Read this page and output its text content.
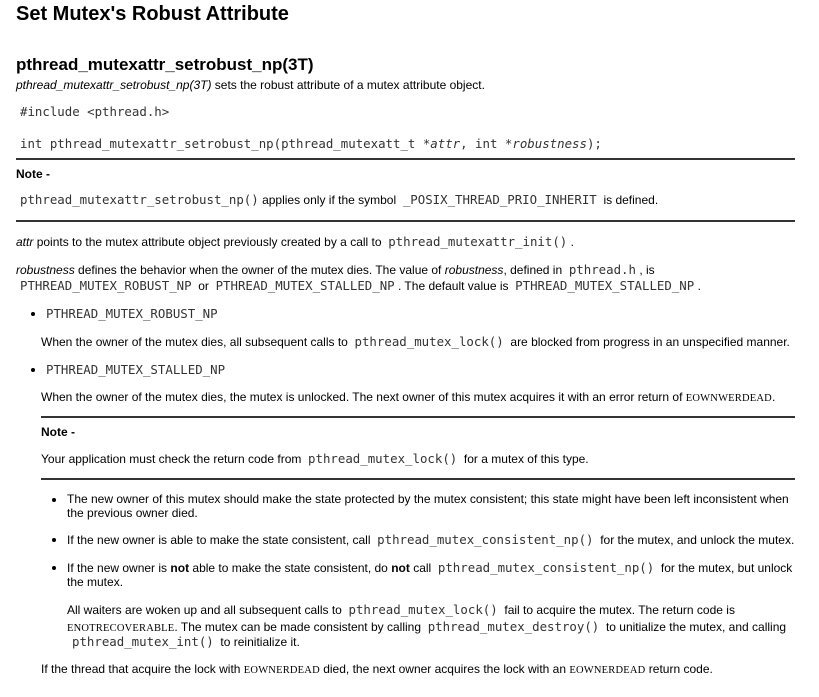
Set Mutex's Robust Attribute
pthread_mutexattr_setrobust_np(3T)
pthread_mutexattr_setrobust_np(3T) sets the robust attribute of a mutex attribute object.
#include <pthread.h>
int pthread_mutexattr_setrobust_np(pthread_mutexatt_t *attr, int *robustness);
Note -
pthread_mutexattr_setrobust_np() applies only if the symbol _POSIX_THREAD_PRIO_INHERIT is defined.
attr points to the mutex attribute object previously created by a call to pthread_mutexattr_init() .
robustness defines the behavior when the owner of the mutex dies. The value of robustness, defined in pthread.h , is
PTHREAD_MUTEX_ROBUST_NP or PTHREAD_MUTEX_STALLED_NP . The default value is PTHREAD_MUTEX_STALLED_NP .
PTHREAD_MUTEX_ROBUST_NP
When the owner of the mutex dies, all subsequent calls to pthread_mutex_lock() are blocked from progress in an unspecified manner.
PTHREAD_MUTEX_STALLED_NP
When the owner of the mutex dies, the mutex is unlocked. The next owner of this mutex acquires it with an error return of EOWNWERDEAD.
Note -
Your application must check the return code from pthread_mutex_lock() for a mutex of this type.
The new owner of this mutex should make the state protected by the mutex consistent; this state might have been left inconsistent when
the previous owner died.
If the new owner is able to make the state consistent, call pthread_mutex_consistent_np() for the mutex, and unlock the mutex.
If the new owner is not able to make the state consistent, do not call pthread_mutex_consistent_np() for the mutex, but unlock
the mutex.
All waiters are woken up and all subsequent calls to pthread_mutex_lock() fail to acquire the mutex. The return code is
ENOTRECOVERABLE. The mutex can be made consistent by calling pthread_mutex_destroy() to unitialize the mutex, and calling
pthread_mutex_int() to reinitialize it.
If the thread that acquire the lock with EOWNERDEAD died, the next owner acquires the lock with an EOWNERDEAD return code.
